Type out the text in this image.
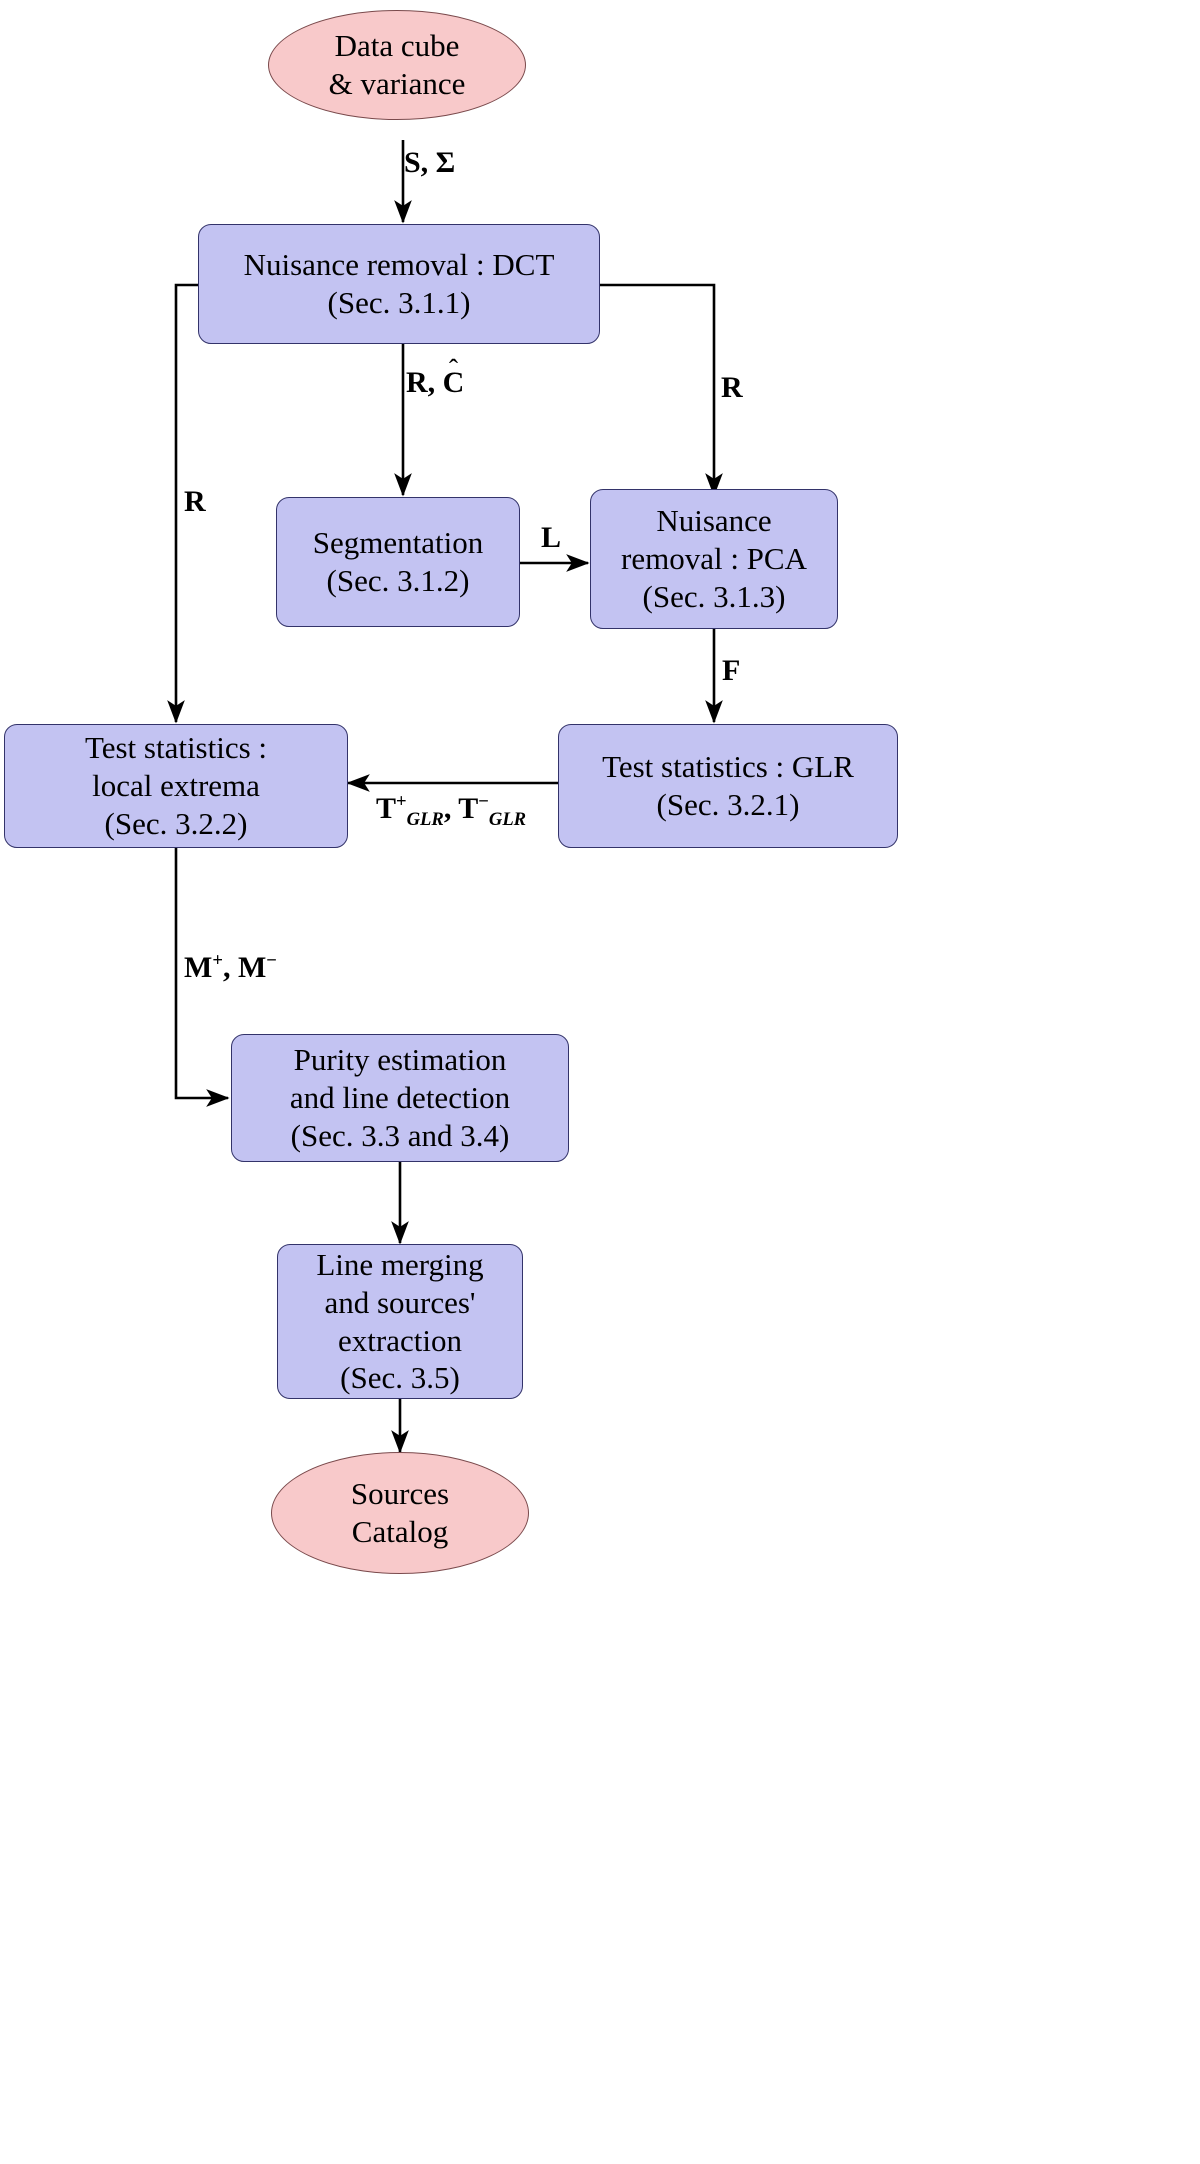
Data cube
& variance
Nuisance removal : DCT
(Sec. 3.1.1)
Segmentation
(Sec. 3.1.2)
Nuisance
removal : PCA
(Sec. 3.1.3)
Test statistics :
local extrema
(Sec. 3.2.2)
Test statistics : GLR
(Sec. 3.2.1)
Purity estimation
and line detection
(Sec. 3.3 and 3.4)
Line merging
and sources'
extraction
(Sec. 3.5)
Sources
Catalog
S, Σ
R,
C	R
R
L
F
$T^+_{GLR}$, $T^-_{GLR}$
M+, M−
